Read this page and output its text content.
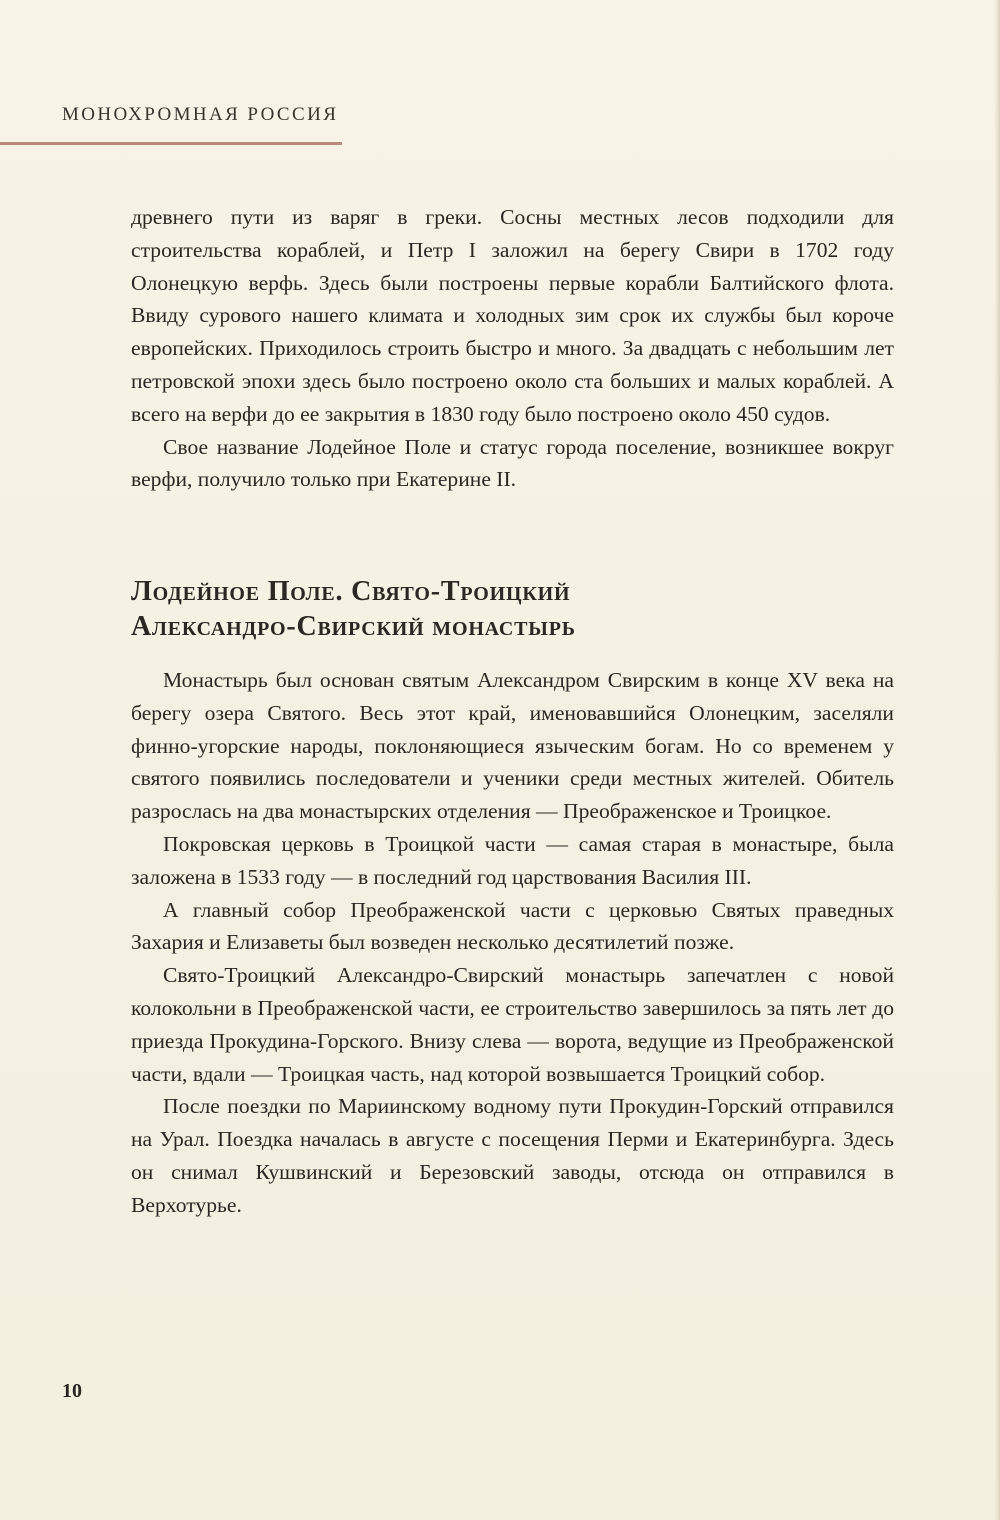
МОНОХРОМНАЯ РОССИЯ

древнего пути из варяг в греки. Сосны местных лесов подходили для строительства кораблей, и Петр I заложил на берегу Свири в 1702 году Олонецкую верфь. Здесь были построены первые корабли Балтийского флота. Ввиду сурового нашего климата и холодных зим срок их службы был короче европейских. Приходилось строить быстро и много. За двадцать с небольшим лет петровской эпохи здесь было построено около ста больших и малых кораблей. А всего на верфи до ее закрытия в 1830 году было построено около 450 судов.

Свое название Лодейное Поле и статус города поселение, возникшее вокруг верфи, получило только при Екатерине II.

Лодейное Поле. Свято-Троицкий
Александро-Свирский монастырь

Монастырь был основан святым Александром Свирским в конце XV века на берегу озера Святого. Весь этот край, именовавшийся Олонецким, заселяли финно-угорские народы, поклоняющиеся языческим богам. Но со временем у святого появились последователи и ученики среди местных жителей. Обитель разрослась на два монастырских отделения — Преображенское и Троицкое.

Покровская церковь в Троицкой части — самая старая в монастыре, была заложена в 1533 году — в последний год царствования Василия III.

А главный собор Преображенской части с церковью Святых праведных Захария и Елизаветы был возведен несколько десятилетий позже.

Свято-Троицкий Александро-Свирский монастырь запечатлен с новой колокольни в Преображенской части, ее строительство завершилось за пять лет до приезда Прокудина-Горского. Внизу слева — ворота, ведущие из Преображенской части, вдали — Троицкая часть, над которой возвышается Троицкий собор.

После поездки по Мариинскому водному пути Прокудин-Горский отправился на Урал. Поездка началась в августе с посещения Перми и Екатеринбурга. Здесь он снимал Кушвинский и Березовский заводы, отсюда он отправился в Верхотурье.

10
